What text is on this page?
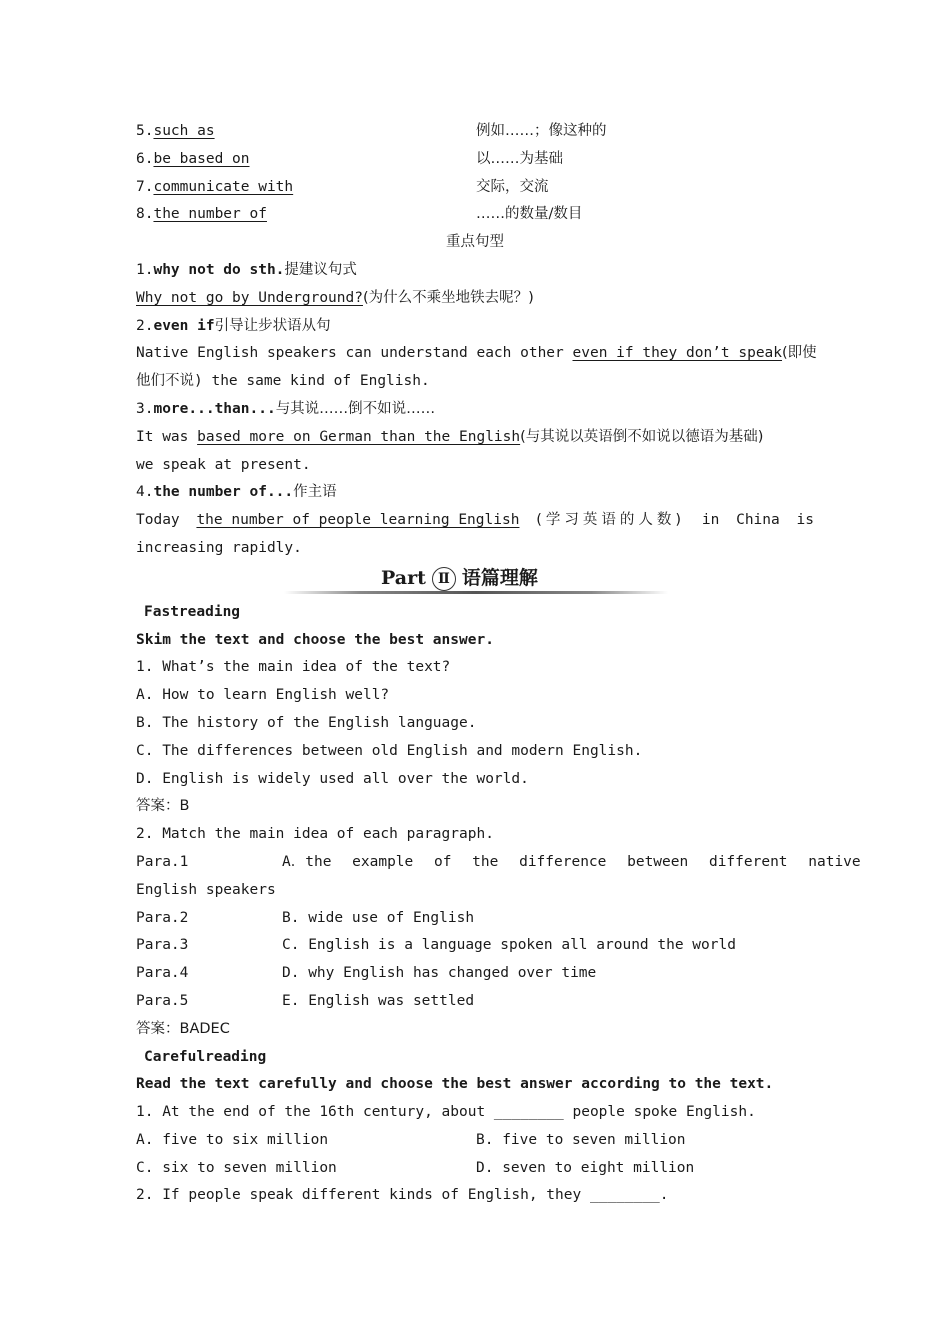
5.such as	例如……；像这种的
6.be based on	以……为基础
7.communicate with	交际，交流
8.the number of	……的数量/数目
重点句型
1.why not do sth.提建议句式
Why not go by Underground?(为什么不乘坐地铁去呢？)
2.even if引导让步状语从句
Native English speakers can understand each other even if they don’t speak(即使
他们不说) the same kind of English.
3.more...than...与其说……倒不如说……
It was based more on German than the English(与其说以英语倒不如说以德语为基础)
we speak at present.
4.the number of...作主语
Today the number of people learning English (学习英语的人数) in China is
increasing rapidly.
Part Ⅱ 语篇理解
Fastreading
Skim the text and choose the best answer.
1. What’s the main idea of the text?
A. How to learn English well?
B. The history of the English language.
C. The differences between old English and modern English.
D. English is widely used all over the world.
答案：B
2. Match the main idea of each paragraph.
Para.1	A．the example of the difference between different native
English speakers
Para.2	B. wide use of English
Para.3	C. English is a language spoken all around the world
Para.4	D. why English has changed over time
Para.5	E. English was settled
答案：BADEC
Carefulreading
Read the text carefully and choose the best answer according to the text.
1. At the end of the 16th century, about ________ people spoke English.
A. five to six million	B. five to seven million
C. six to seven million	D. seven to eight million
2. If people speak different kinds of English, they ________.
